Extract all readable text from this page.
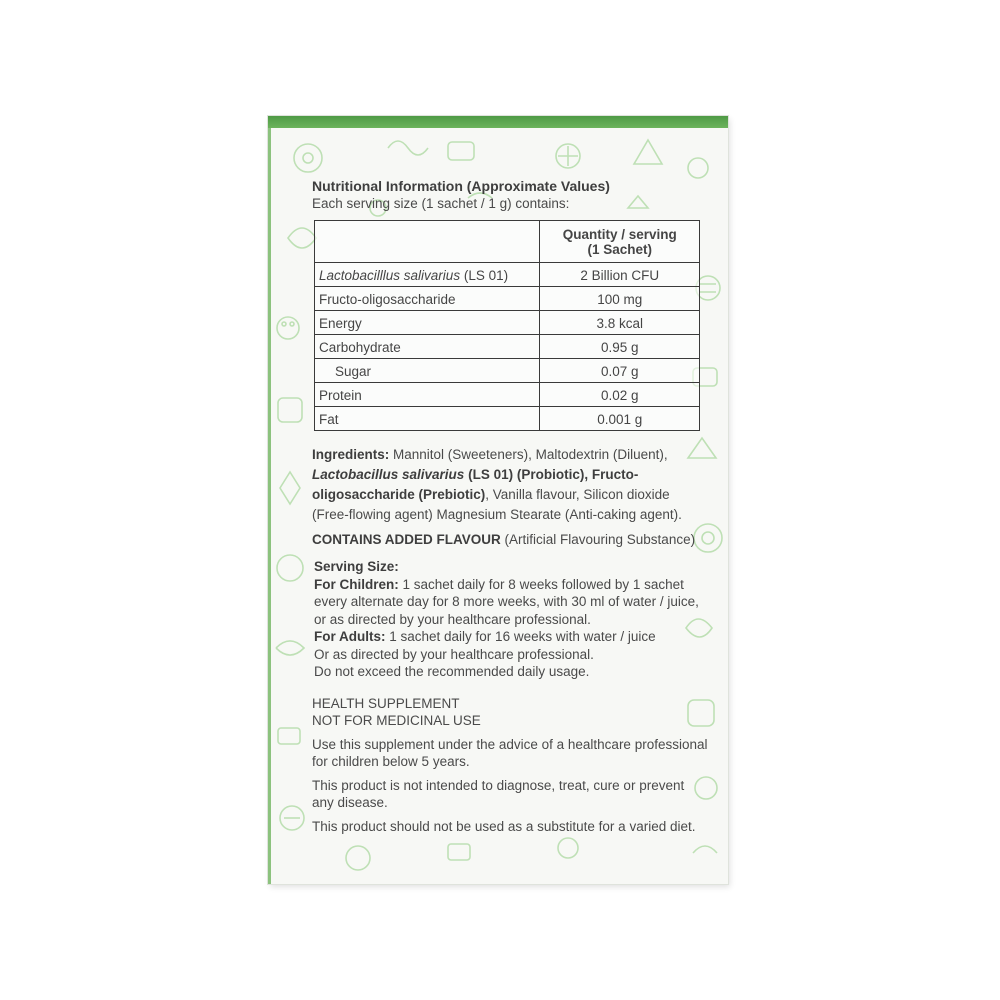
Nutritional Information (Approximate Values)
Each serving size (1 sachet / 1 g) contains:

	Quantity / serving
(1 Sachet)

Lactobacilllus salivarius (LS 01)	2 Billion CFU
Fructo-oligosaccharide	100 mg
Energy	3.8 kcal
Carbohydrate	0.95 g
Sugar	0.07 g
Protein	0.02 g
Fat	0.001 g
Ingredients: Mannitol (Sweeteners), Maltodextrin (Diluent), Lactobacillus salivarius (LS 01) (Probiotic), Fructo-oligosaccharide (Prebiotic), Vanilla flavour, Silicon dioxide (Free-flowing agent) Magnesium Stearate (Anti-caking agent).
CONTAINS ADDED FLAVOUR (Artificial Flavouring Substance)
Serving Size:
For Children: 1 sachet daily for 8 weeks followed by 1 sachet every alternate day for 8 more weeks, with 30 ml of water / juice, or as directed by your healthcare professional.
For Adults: 1 sachet daily for 16 weeks with water / juice
Or as directed by your healthcare professional.
Do not exceed the recommended daily usage.
HEALTH SUPPLEMENT
NOT FOR MEDICINAL USE
Use this supplement under the advice of a healthcare professional for children below 5 years.
This product is not intended to diagnose, treat, cure or prevent any disease.
This product should not be used as a substitute for a varied diet.
